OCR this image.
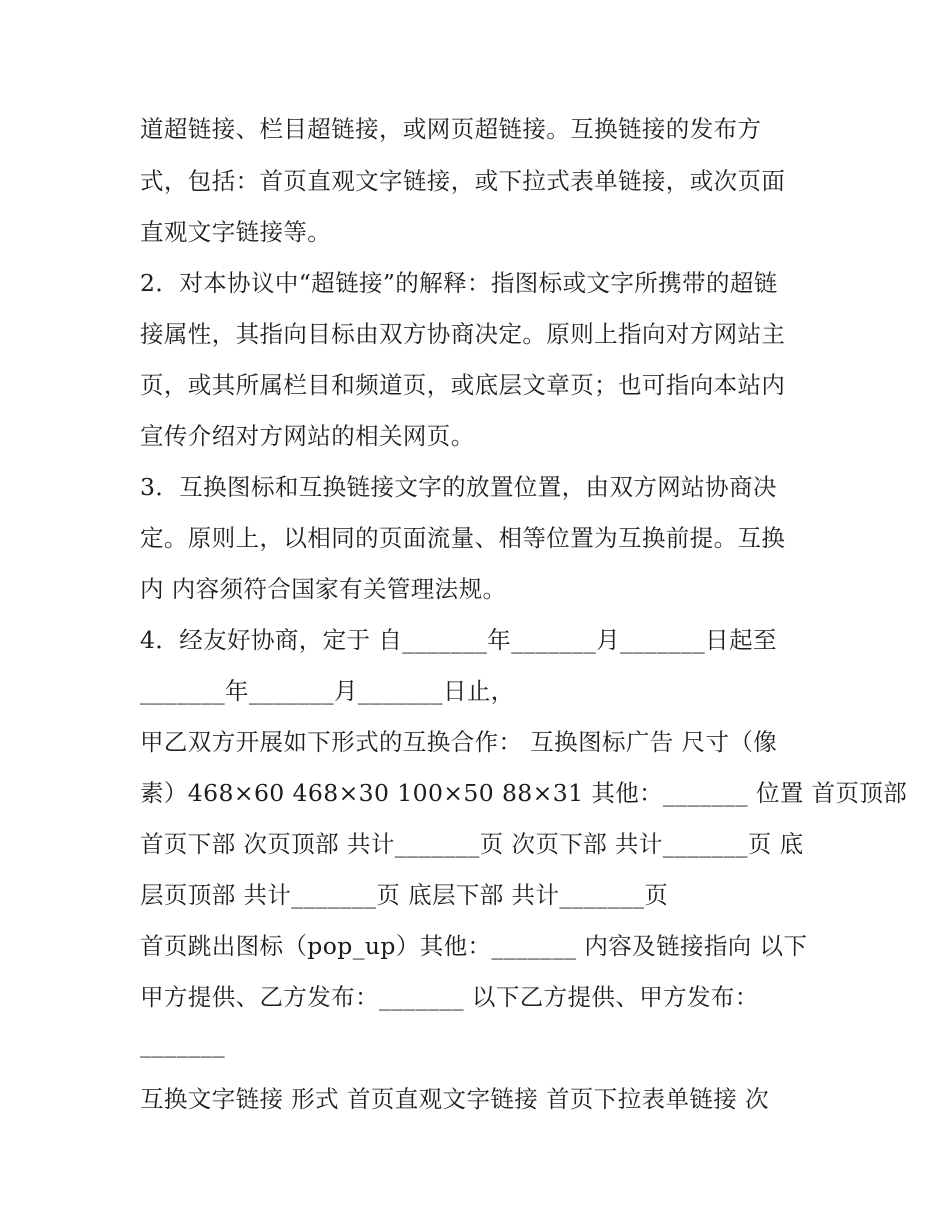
道超链接、栏目超链接，或网页超链接。互换链接的发布方

式，包括：首页直观文字链接，或下拉式表单链接，或次页面

直观文字链接等。

2．对本协议中“超链接”的解释：指图标或文字所携带的超链

接属性，其指向目标由双方协商决定。原则上指向对方网站主

页，或其所属栏目和频道页，或底层文章页；也可指向本站内

宣传介绍对方网站的相关网页。

3．互换图标和互换链接文字的放置位置，由双方网站协商决

定。原则上，以相同的页面流量、相等位置为互换前提。互换

内 内容须符合国家有关管理法规。

4．经友好协商，定于 自_______年_______月_______日起至

_______年_______月_______日止，

甲乙双方开展如下形式的互换合作： 互换图标广告 尺寸（像

素）468×60 468×30 100×50 88×31 其他：_______ 位置 首页顶部

首页下部 次页顶部 共计_______页 次页下部 共计_______页 底

层页顶部 共计_______页 底层下部 共计_______页

首页跳出图标（pop_up）其他：_______ 内容及链接指向 以下

甲方提供、乙方发布：_______ 以下乙方提供、甲方发布：

_______

互换文字链接 形式 首页直观文字链接 首页下拉表单链接 次
